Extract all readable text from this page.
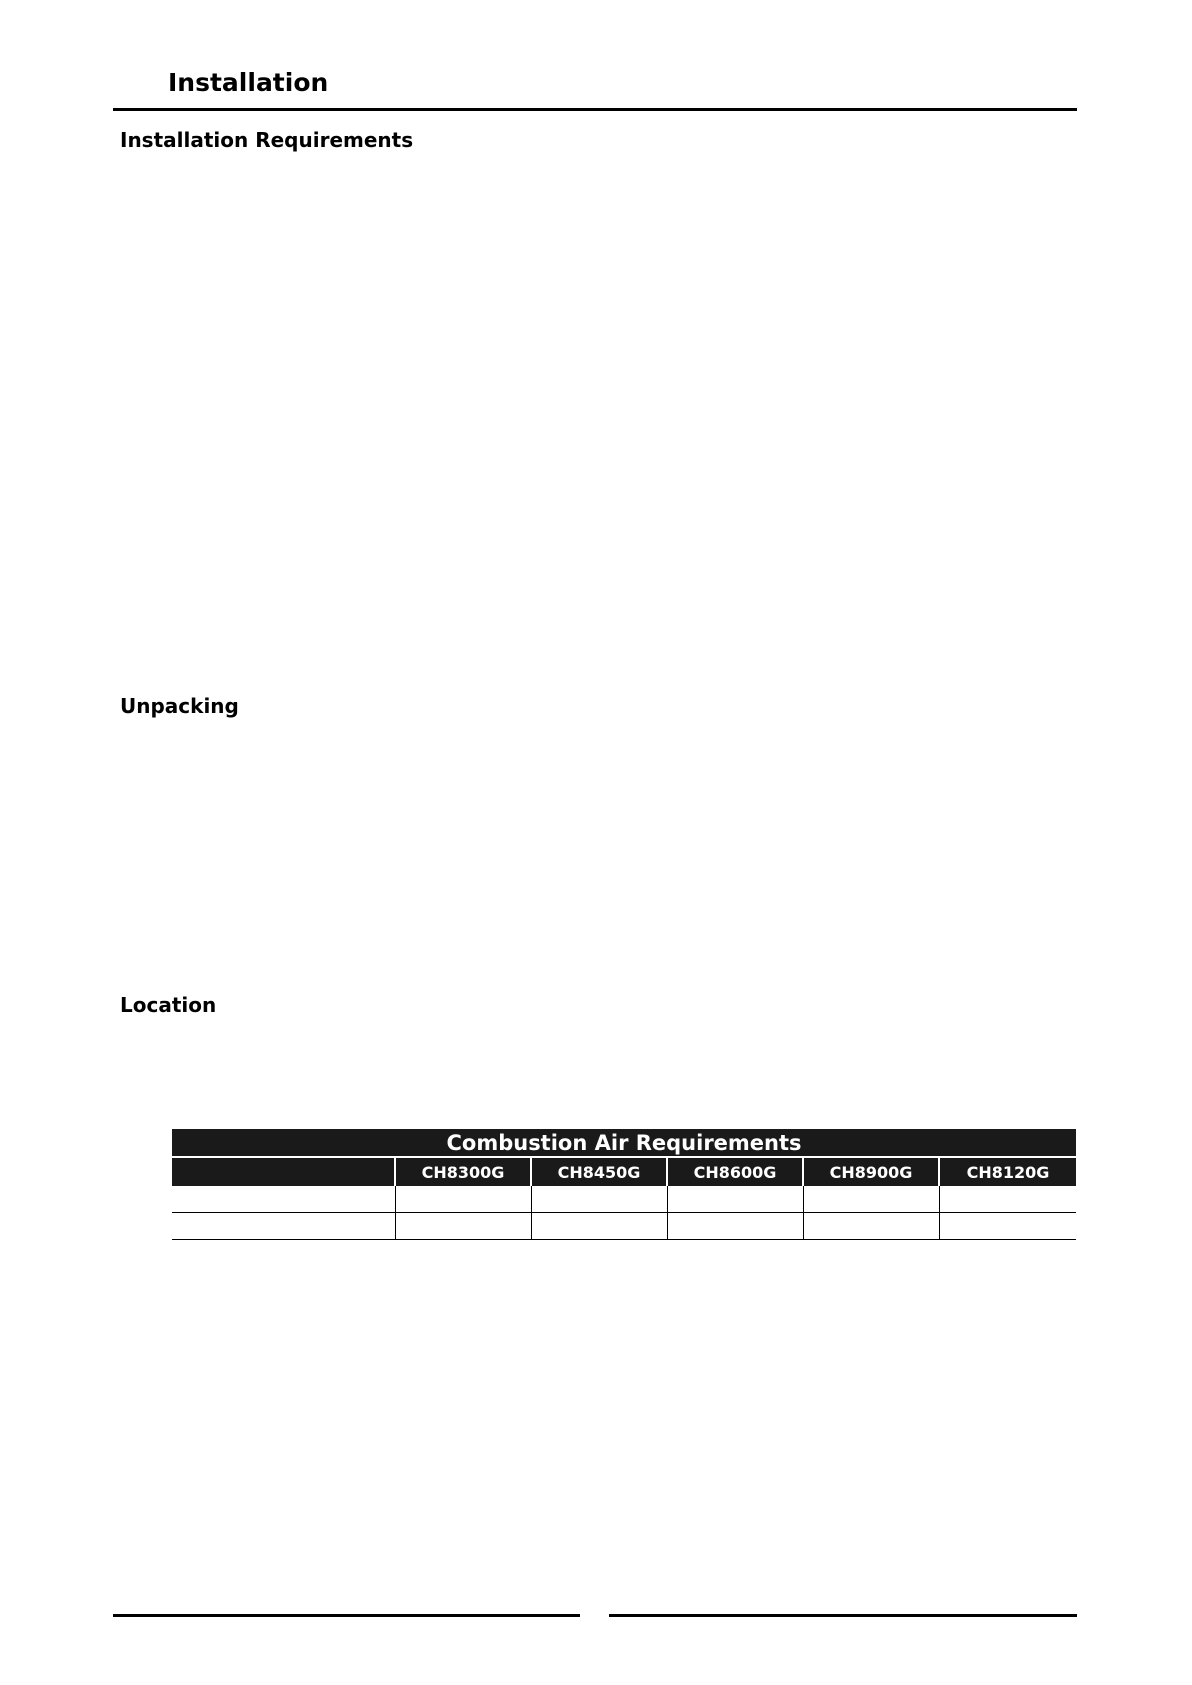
Installation
Installation Requirements
Unpacking
Location
Combustion Air Requirements					
	CH8300G	CH8450G	CH8600G	CH8900G	CH8120G
